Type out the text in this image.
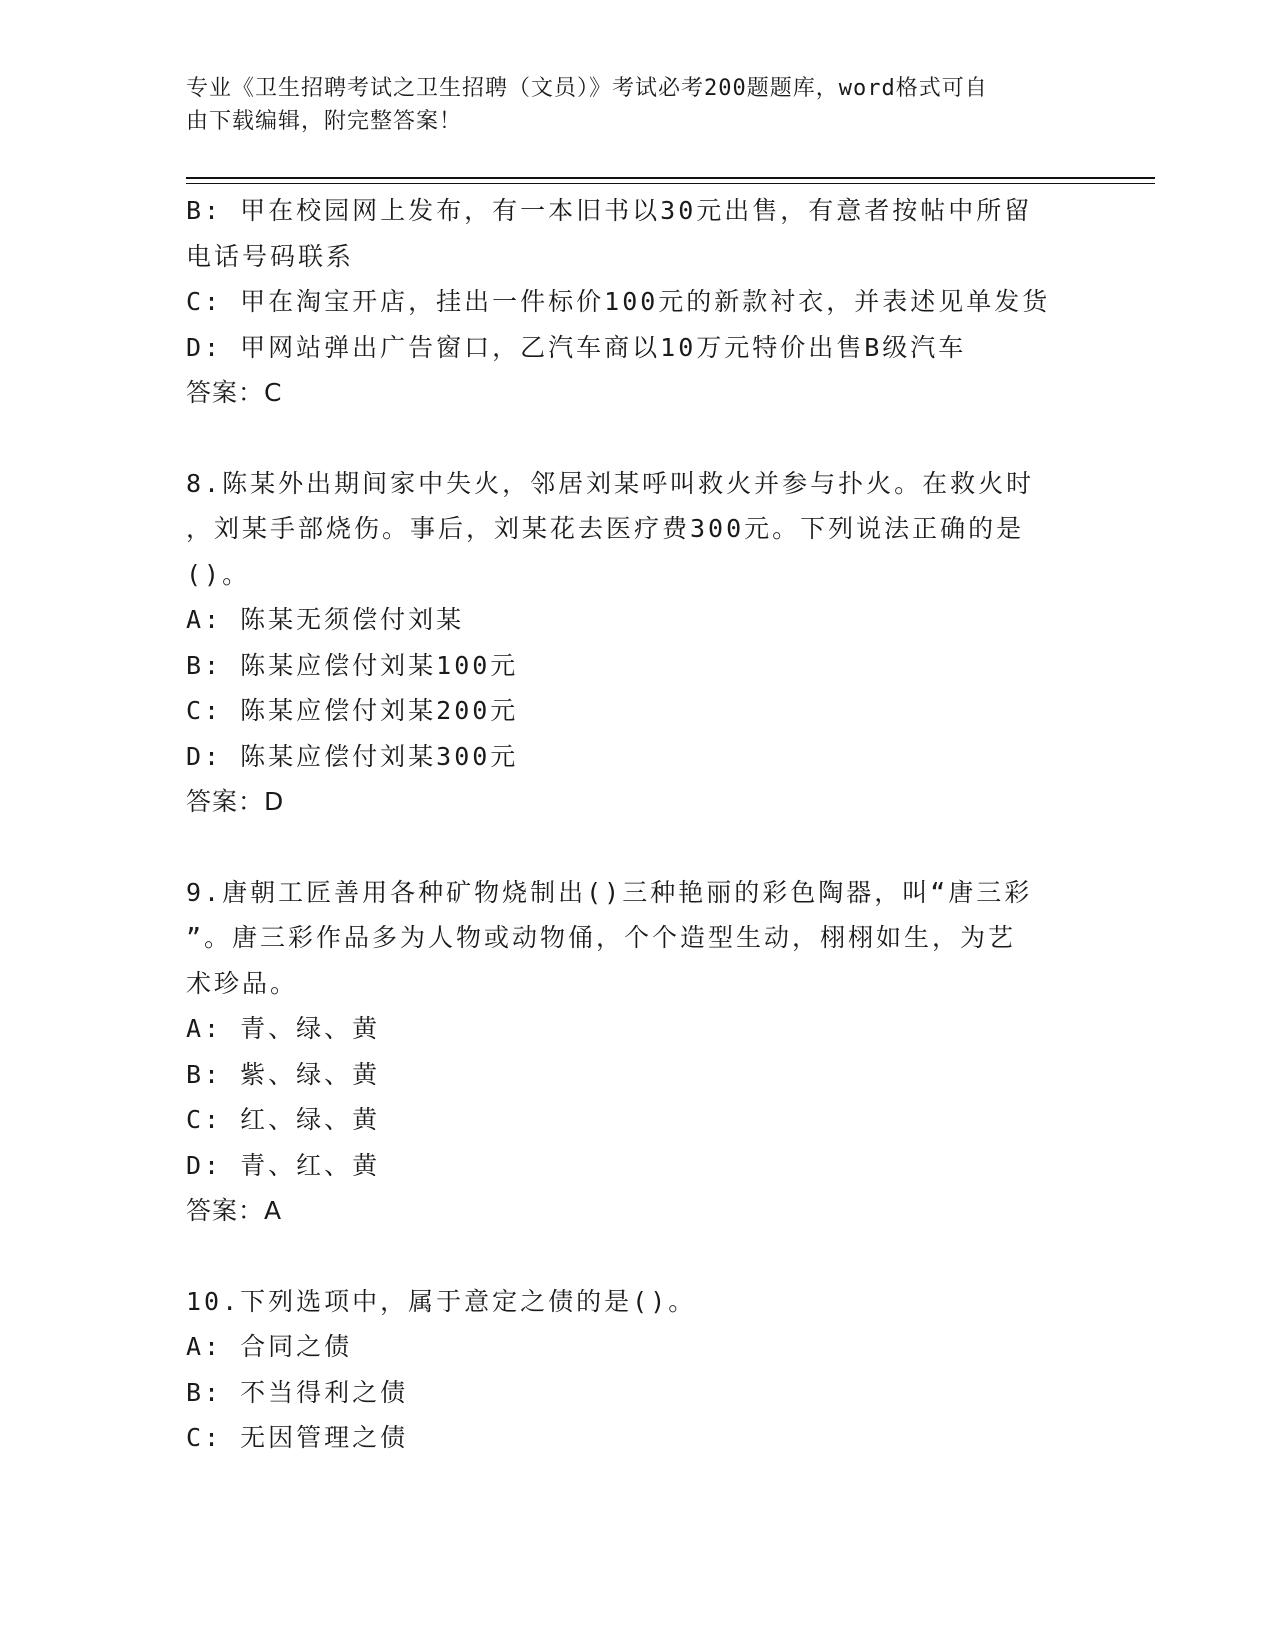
专业《卫生招聘考试之卫生招聘（文员）》考试必考200题题库，word格式可自
由下载编辑，附完整答案！
B: 甲在校园网上发布，有一本旧书以30元出售，有意者按帖中所留
电话号码联系
C: 甲在淘宝开店，挂出一件标价100元的新款衬衣，并表述见单发货
D: 甲网站弹出广告窗口，乙汽车商以10万元特价出售B级汽车
答案：C
8.陈某外出期间家中失火，邻居刘某呼叫救火并参与扑火。在救火时
，刘某手部烧伤。事后，刘某花去医疗费300元。下列说法正确的是
()。
A: 陈某无须偿付刘某
B: 陈某应偿付刘某100元
C: 陈某应偿付刘某200元
D: 陈某应偿付刘某300元
答案：D
9.唐朝工匠善用各种矿物烧制出()三种艳丽的彩色陶器，叫“唐三彩
”。唐三彩作品多为人物或动物俑，个个造型生动，栩栩如生，为艺
术珍品。
A: 青、绿、黄
B: 紫、绿、黄
C: 红、绿、黄
D: 青、红、黄
答案：A
10.下列选项中，属于意定之债的是()。
A: 合同之债
B: 不当得利之债
C: 无因管理之债
